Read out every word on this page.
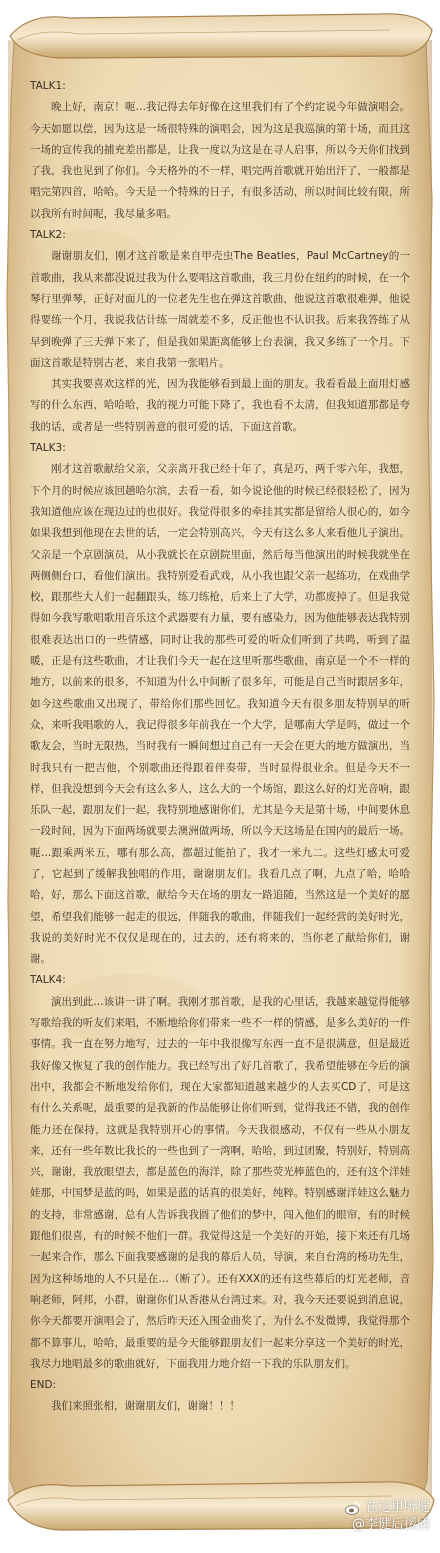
TALK1:

晚上好，南京！呃…我记得去年好像在这里我们有了个约定说今年做演唱会。今天如愿以偿，因为这是一场很特殊的演唱会，因为这是我巡演的第十场，而且这一场的宣传我的捕充差出都是，让我一度以为这是在寻人启事，所以今天你们找到了我，我也见到了你们。今天格外的不一样，唱完两首歌就开始出汗了，一般都是唱完第四首，哈哈。今天是一个特殊的日子，有很多活动，所以时间比较有限，所以我所有时间呢，我尽量多唱。

TALK2:

谢谢朋友们，刚才这首歌是来自甲壳虫The Beatles，Paul McCartney的一首歌曲，我从来都没说过我为什么要唱这首歌曲，我三月份在纽约的时候，在一个琴行里弹琴，正好对面儿的一位老先生也在弹这首歌曲，他说这首歌很难弹，他说得要练一个月，我说我估计练一周就差不多，反正他也不认识我。后来我答练了从早到晚弹了三天弹下来了，但是我如果距离能够上台表演，我又多练了一个月。下面这首歌是特别古老，来自我第一张唱片。

其实我要喜欢这样的光，因为我能够看到最上面的朋友。我看看最上面用灯感写的什么东西，哈哈哈，我的视力可能下降了，我也看不太清，但我知道那都是夸我的话，或者是一些特别善意的很可爱的话，下面这首歌。

TALK3:

刚才这首歌献给父亲，父亲离开我已经十年了，真是巧，两千零六年，我想，下个月的时候应该回趟哈尔滨，去看一看，如今说论他的时候已经很轻松了，因为我知道他应该在现边过的也很好。我觉得很多的牵挂其实都是留给人很心的，如今如果我想到他现在去世的话，一定会特别高兴，今天有这么多人来看他儿子演出。父亲是一个京剧演员，从小我就长在京剧院里面，然后每当他演出的时候我就坐在两侧侧台口，看他们演出。我特别爱看武戏，从小我也跟父亲一起练功，在戏曲学校，跟那些大人们一起翻跟头，练刀练枪，后来上了大学，功都废掉了。但是我觉得如今我写歌唱歌用音乐这个武器要有力量，要有感染力，因为他能够表达我特别很难表达出口的一些情感，同时让我的那些可爱的听众们听到了共鸣，听到了温暖，正是有这些歌曲，才让我们今天一起在这里听那些歌曲，南京是一个不一样的地方，以前来的很多，不知道为什么中间断了很多年，可能是自己当时跟居多年，如今这些歌曲又出现了，带给你们那些回忆。我知道今天有很多朋友特别早的听众，来听我唱歌的人，我记得很多年前我在一个大学，是哪南大学是吗，做过一个歌友会，当时无限热，当时我有一瞬间想过自己有一天会在更大的地方做演出，当时我只有一把吉他，个别歌曲还得跟着伴奏带，当时显得很业余。但是今天不一样，但我没想到今天会有这么多人，这么大的一个场馆，跟这么好的灯光音响，跟乐队一起，跟朋友们一起，我特别地感谢你们，尤其是今天是第十场，中间要休息一段时间，因为下面两场就要去澳洲做两场，所以今天这场是在国内的最后一场。呃…跟乘两米五，哪有那么高，都超过能拍了，我才一米九二。这些灯感太可爱了，它起到了缓解我独唱的作用，谢谢朋友们。我看几点了啊，九点了哈，哈哈哈，好，那么下面这首歌，献给今天在场的朋友一路追随，当然这是一个美好的愿望，希望我们能够一起走的很远，伴随我的歌曲，伴随我们一起经营的美好时光，我说的美好时光不仅仅是现在的，过去的，还有将来的，当你老了献给你们，谢谢。

TALK4:

演出到此…该讲一讲了啊。我刚才那首歌，是我的心里话，我越来越觉得能够写歌给我的听友们来唱，不断地给你们带来一些不一样的情感，是多么美好的一件事情。我一直在努力地写，过去的一年中我很像写东西一直不是很满意，但是最近我好像又恢复了我的创作能力。我已经写出了好几首歌了，我希望能够在今后的演出中，我都会不断地发给你们，现在大家都知道越来越少的人去买CD了，可是这有什么关系呢，最重要的是我新的作品能够让你们听到，觉得我还不错，我的创作能力还在保持，这就是我特别开心的事情。今天我很感动，不仅有一些从小朋友来，还有一些年数比我长的一些也到了一湾啊，哈哈，到过团聚，特别好，特别高兴，谢谢，我放眼望去，都是蓝色的海洋，除了那些荧光棒蓝色的，还有这个洋娃娃那，中国梦是蓝的吗，如果是蓝的话真的很美好，纯粹。特别感谢洋娃这么魅力的支持，非常感谢，总有人告诉我我圆了他们的梦中，闯入他们的眼帘，有的时候跟他们很喜，有的时候不他们一群。我觉得这是一个美好的开始，接下来还有几场一起来合作，那么下面我要感谢的是我的幕后人员，导演，来自台湾的杨功先生，因为这种场地的人不只是在…（断了）。还有XXX的还有这些幕后的灯光老师，音响老师，阿邦，小群，谢谢你们从香港从台湾过来。对，我今天还要说到消息说，你今天都要开演唱会了，然后昨天还入围金曲奖了，为什么不发微博，我觉得那个都不算事儿，哈哈，最重要的是今天能够跟朋友们一起来分享这一个美好的时光，我尽力地唱最多的歌曲就好，下面我用力地介绍一下我的乐队朋友们。

END:

我们来照张相，谢谢朋友们，谢谢！！！

在这里听健
@李健后援团
